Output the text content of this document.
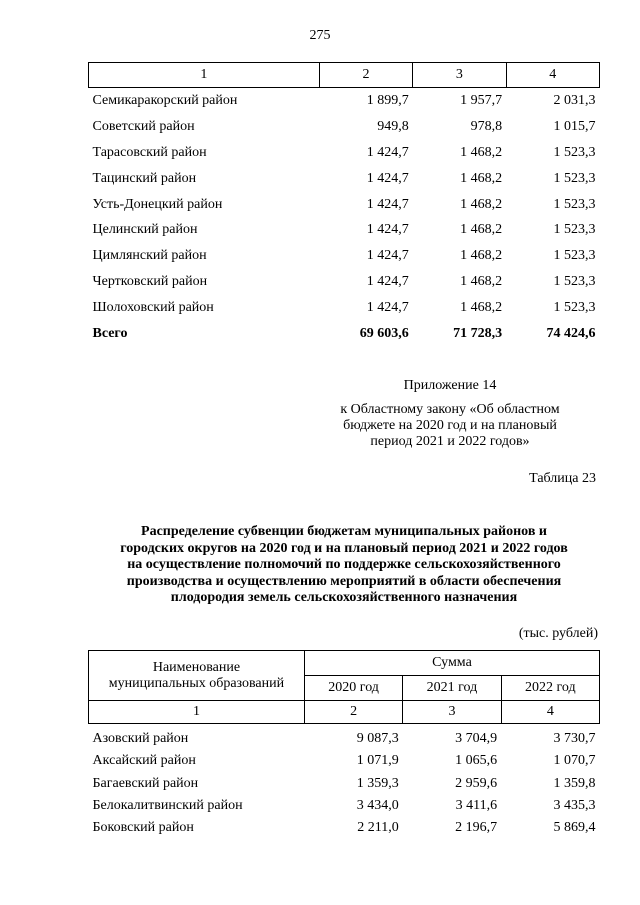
275
1	2	3	4
Семикаракорский район	1 899,7	1 957,7	2 031,3
Советский район	949,8	978,8	1 015,7
Тарасовский район	1 424,7	1 468,2	1 523,3
Тацинский район	1 424,7	1 468,2	1 523,3
Усть-Донецкий район	1 424,7	1 468,2	1 523,3
Целинский район	1 424,7	1 468,2	1 523,3
Цимлянский район	1 424,7	1 468,2	1 523,3
Чертковский район	1 424,7	1 468,2	1 523,3
Шолоховский район	1 424,7	1 468,2	1 523,3
Всего	69 603,6	71 728,3	74 424,6
Приложение 14
к Областному закону «Об областном
бюджете на 2020 год и на плановый
период 2021 и 2022 годов»
Таблица 23
Распределение субвенции бюджетам муниципальных районов и
городских округов на 2020 год и на плановый период 2021 и 2022 годов
на осуществление полномочий по поддержке сельскохозяйственного
производства и осуществлению мероприятий в области обеспечения
плодородия земель сельскохозяйственного назначения
(тыс. рублей)
Наименование
муниципальных образований	Сумма		
	2020 год	2021 год	2022 год
1	2	3	4
Азовский район	9 087,3	3 704,9	3 730,7
Аксайский район	1 071,9	1 065,6	1 070,7
Багаевский район	1 359,3	2 959,6	1 359,8
Белокалитвинский район	3 434,0	3 411,6	3 435,3
Боковский район	2 211,0	2 196,7	5 869,4
